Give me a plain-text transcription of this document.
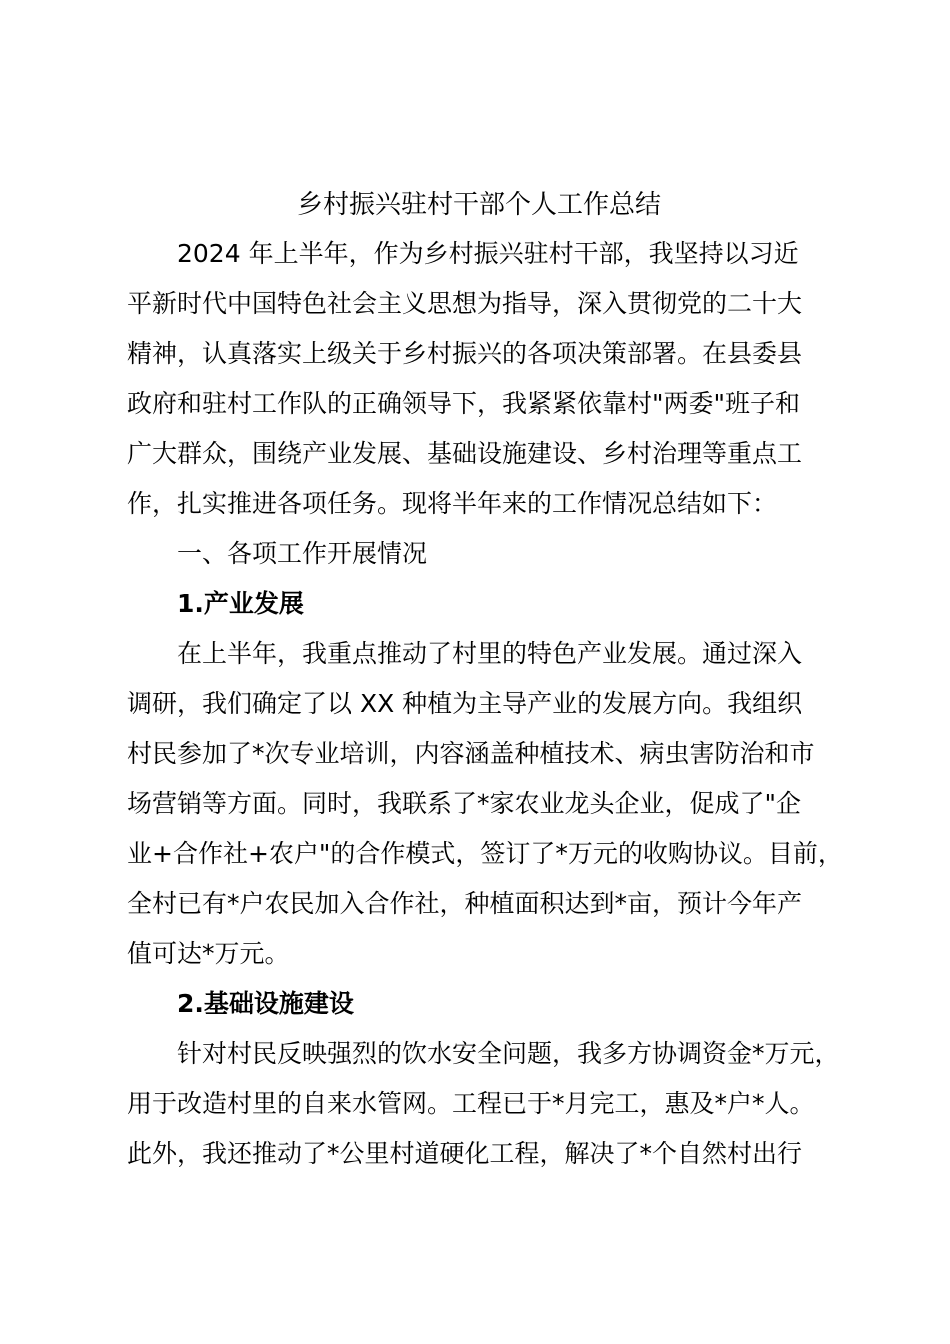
乡村振兴驻村干部个人工作总结
2024 年上半年，作为乡村振兴驻村干部，我坚持以习近
平新时代中国特色社会主义思想为指导，深入贯彻党的二十大
精神，认真落实上级关于乡村振兴的各项决策部署。在县委县
政府和驻村工作队的正确领导下，我紧紧依靠村"两委"班子和
广大群众，围绕产业发展、基础设施建设、乡村治理等重点工
作，扎实推进各项任务。现将半年来的工作情况总结如下：
一、各项工作开展情况
1.产业发展
在上半年，我重点推动了村里的特色产业发展。通过深入
调研，我们确定了以 XX 种植为主导产业的发展方向。我组织
村民参加了*次专业培训，内容涵盖种植技术、病虫害防治和市
场营销等方面。同时，我联系了*家农业龙头企业，促成了"企
业+合作社+农户"的合作模式，签订了*万元的收购协议。目前，
全村已有*户农民加入合作社，种植面积达到*亩，预计今年产
值可达*万元。
2.基础设施建设
针对村民反映强烈的饮水安全问题，我多方协调资金*万元，
用于改造村里的自来水管网。工程已于*月完工，惠及*户*人。
此外，我还推动了*公里村道硬化工程，解决了*个自然村出行
